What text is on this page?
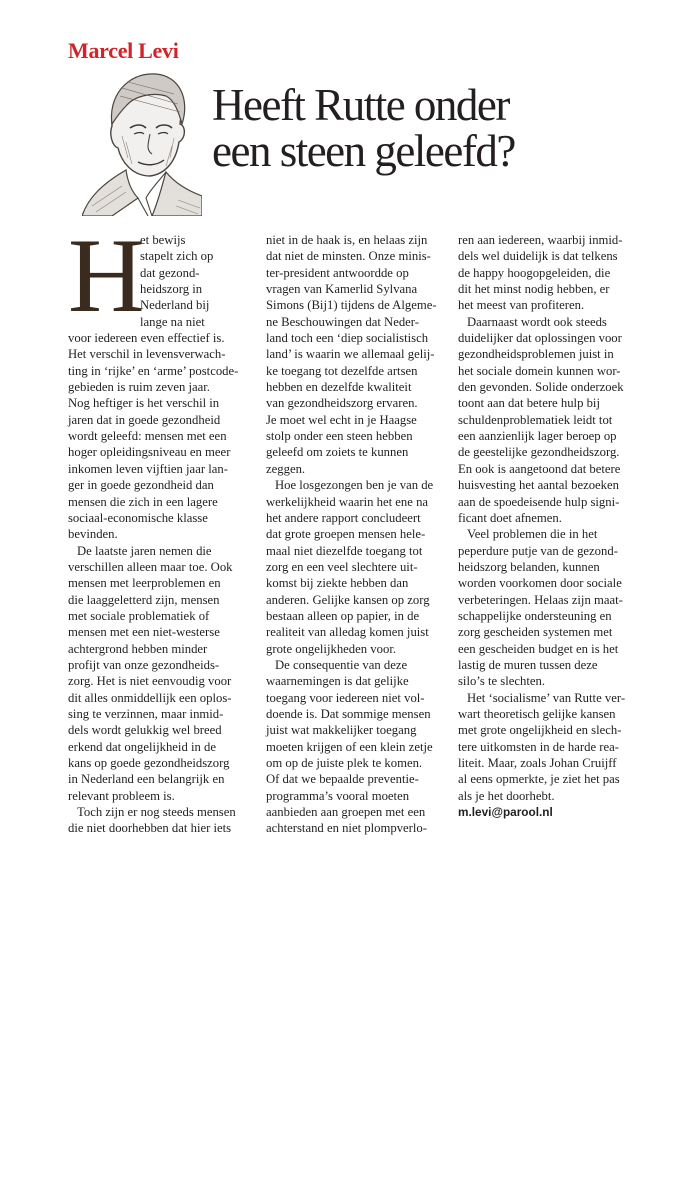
Marcel Levi
Heeft Rutte onder
een steen geleefd?
H
et bewijs
stapelt zich op
dat gezond-
heidszorg in
Nederland bij
lange na niet
voor iedereen even effectief is.
Het verschil in levensverwach-
ting in ‘rijke’ en ‘arme’ postcode-
gebieden is ruim zeven jaar.
Nog heftiger is het verschil in
jaren dat in goede gezondheid
wordt geleefd: mensen met een
hoger opleidingsniveau en meer
inkomen leven vijftien jaar lan-
ger in goede gezondheid dan
mensen die zich in een lagere
sociaal-economische klasse
bevinden.
De laatste jaren nemen die
verschillen alleen maar toe. Ook
mensen met leerproblemen en
die laaggeletterd zijn, mensen
met sociale problematiek of
mensen met een niet-westerse
achtergrond hebben minder
profijt van onze gezondheids-
zorg. Het is niet eenvoudig voor
dit alles onmiddellijk een oplos-
sing te verzinnen, maar inmid-
dels wordt gelukkig wel breed
erkend dat ongelijkheid in de
kans op goede gezondheidszorg
in Nederland een belangrijk en
relevant probleem is.
Toch zijn er nog steeds mensen
die niet doorhebben dat hier iets
niet in de haak is, en helaas zijn
dat niet de minsten. Onze minis-
ter-president antwoordde op
vragen van Kamerlid Sylvana
Simons (Bij1) tijdens de Algeme-
ne Beschouwingen dat Neder-
land toch een ‘diep socialistisch
land’ is waarin we allemaal gelij-
ke toegang tot dezelfde artsen
hebben en dezelfde kwaliteit
van gezondheidszorg ervaren.
Je moet wel echt in je Haagse
stolp onder een steen hebben
geleefd om zoiets te kunnen
zeggen.
Hoe losgezongen ben je van de
werkelijkheid waarin het ene na
het andere rapport concludeert
dat grote groepen mensen hele-
maal niet diezelfde toegang tot
zorg en een veel slechtere uit-
komst bij ziekte hebben dan
anderen. Gelijke kansen op zorg
bestaan alleen op papier, in de
realiteit van alledag komen juist
grote ongelijkheden voor.
De consequentie van deze
waarnemingen is dat gelijke
toegang voor iedereen niet vol-
doende is. Dat sommige mensen
juist wat makkelijker toegang
moeten krijgen of een klein zetje
om op de juiste plek te komen.
Of dat we bepaalde preventie-
programma’s vooral moeten
aanbieden aan groepen met een
achterstand en niet plompverlo-
ren aan iedereen, waarbij inmid-
dels wel duidelijk is dat telkens
de happy hoogopgeleiden, die
dit het minst nodig hebben, er
het meest van profiteren.
Daarnaast wordt ook steeds
duidelijker dat oplossingen voor
gezondheidsproblemen juist in
het sociale domein kunnen wor-
den gevonden. Solide onderzoek
toont aan dat betere hulp bij
schuldenproblematiek leidt tot
een aanzienlijk lager beroep op
de geestelijke gezondheidszorg.
En ook is aangetoond dat betere
huisvesting het aantal bezoeken
aan de spoedeisende hulp signi-
ficant doet afnemen.
Veel problemen die in het
peperdure putje van de gezond-
heidszorg belanden, kunnen
worden voorkomen door sociale
verbeteringen. Helaas zijn maat-
schappelijke ondersteuning en
zorg gescheiden systemen met
een gescheiden budget en is het
lastig de muren tussen deze
silo’s te slechten.
Het ‘socialisme’ van Rutte ver-
wart theoretisch gelijke kansen
met grote ongelijkheid en slech-
tere uitkomsten in de harde rea-
liteit. Maar, zoals Johan Cruijff
al eens opmerkte, je ziet het pas
als je het doorhebt.
m.levi@parool.nl
